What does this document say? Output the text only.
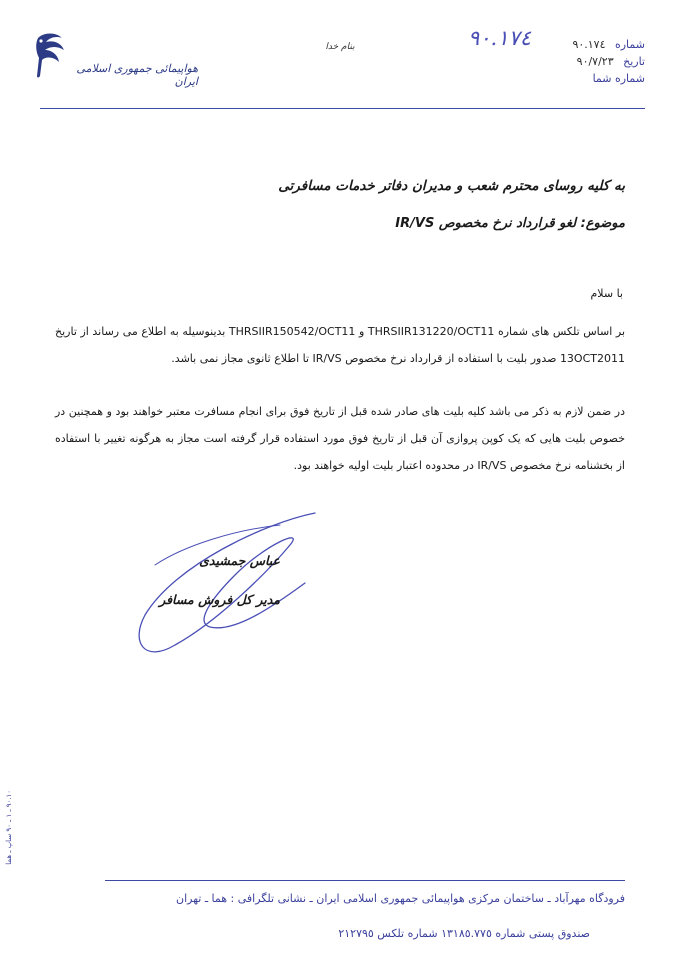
هواپیمائی جمهوری اسلامی ایران
بنام خدا	٩٠.١٧٤	شماره ٩٠.١٧٤
تاریخ ٩٠/٧/٢٣
شماره شما
به کلیه روسای محترم شعب و مدیران دفاتر خدمات مسافرتی
موضوع: لغو قرارداد نرخ مخصوص IR/VS
با سلام
بر اساس تلکس های شماره THRSIIR131220/OCT11 و THRSIIR150542/OCT11 بدینوسیله به اطلاع می رساند از تاریخ 13OCT2011 صدور بلیت با استفاده از قرارداد نرخ مخصوص IR/VS تا اطلاع ثانوی مجاز نمی باشد.
در ضمن لازم به ذکر می باشد کلیه بلیت های صادر شده قبل از تاریخ فوق برای انجام مسافرت معتبر خواهند بود و همچنین در خصوص بلیت هایی که یک کوپن پروازی آن قبل از تاریخ فوق مورد استفاده قرار گرفته است مجاز به هرگونه تغییر با استفاده از بخشنامه نرخ مخصوص IR/VS در محدوده اعتبار بلیت اولیه خواهند بود.
عباس جمشیدی
مدیر کل فروش مسافر
٩٠.١٠ ـ ١ ـ ٩٠ ساپ ـ هما
فرودگاه مهرآباد ـ ساختمان مرکزی هواپیمائی جمهوری اسلامی ایران ـ نشانی تلگرافی : هما ـ تهران
صندوق پستی شماره ١٣١٨٥.٧٧٥ شماره تلکس ٢١٢٧٩٥
